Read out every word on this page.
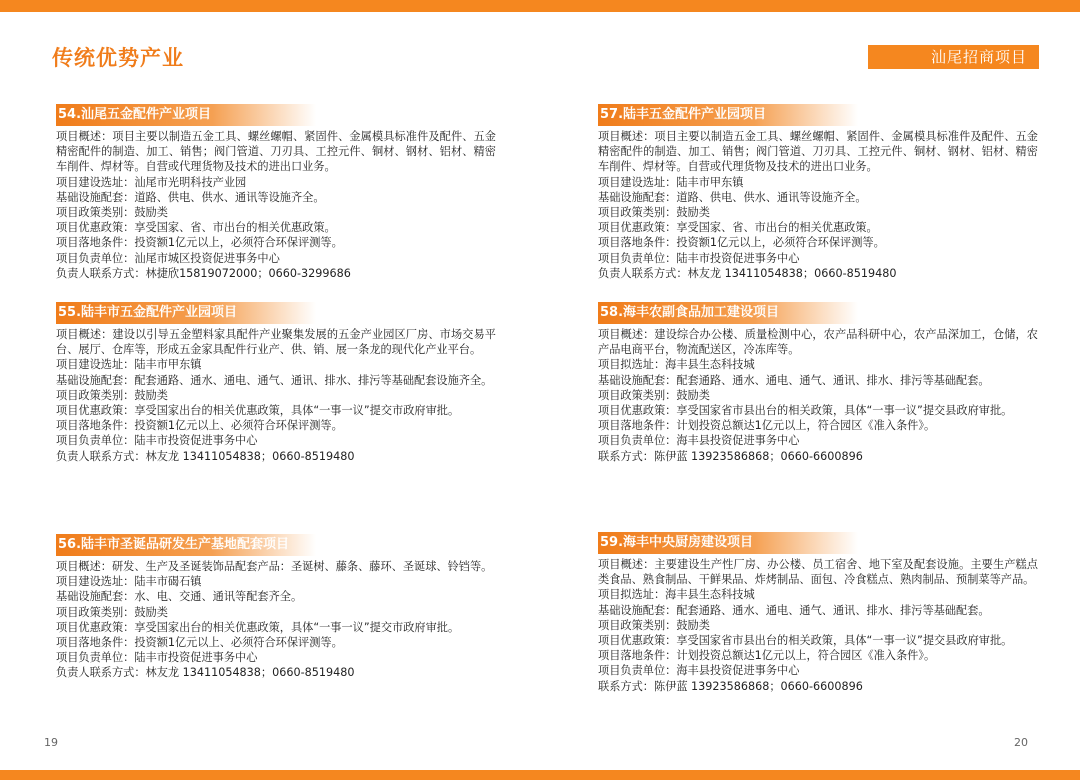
传统优势产业	汕尾招商项目
54.汕尾五金配件产业项目

项目概述：项目主要以制造五金工具、螺丝螺帽、紧固件、金属模具标准件及配件、五金精密配件的制造、加工、销售；阀门管道、刀刃具、工控元件、铜材、钢材、铝材、精密车削件、焊材等。自营或代理货物及技术的进出口业务。

项目建设选址：汕尾市光明科技产业园

基础设施配套：道路、供电、供水、通讯等设施齐全。

项目政策类别：鼓励类

项目优惠政策：享受国家、省、市出台的相关优惠政策。

项目落地条件：投资额1亿元以上，必须符合环保评测等。

项目负责单位：汕尾市城区投资促进事务中心

负责人联系方式：林捷欣15819072000；0660-3299686

55.陆丰市五金配件产业园项目

项目概述：建设以引导五金塑料家具配件产业聚集发展的五金产业园区厂房、市场交易平台、展厅、仓库等，形成五金家具配件行业产、供、销、展一条龙的现代化产业平台。

项目建设选址：陆丰市甲东镇

基础设施配套：配套通路、通水、通电、通气、通讯、排水、排污等基础配套设施齐全。

项目政策类别：鼓励类

项目优惠政策：享受国家出台的相关优惠政策，具体“一事一议”提交市政府审批。

项目落地条件：投资额1亿元以上、必须符合环保评测等。

项目负责单位：陆丰市投资促进事务中心

负责人联系方式：林友龙 13411054838；0660-8519480

56.陆丰市圣诞品研发生产基地配套项目

项目概述：研发、生产及圣诞装饰品配套产品：圣诞树、藤条、藤环、圣诞球、铃铛等。

项目建设选址：陆丰市碣石镇

基础设施配套：水、电、交通、通讯等配套齐全。

项目政策类别：鼓励类

项目优惠政策：享受国家出台的相关优惠政策，具体“一事一议”提交市政府审批。

项目落地条件：投资额1亿元以上、必须符合环保评测等。

项目负责单位：陆丰市投资促进事务中心

负责人联系方式：林友龙 13411054838；0660-8519480

57.陆丰五金配件产业园项目

项目概述：项目主要以制造五金工具、螺丝螺帽、紧固件、金属模具标准件及配件、五金精密配件的制造、加工、销售；阀门管道、刀刃具、工控元件、铜材、钢材、铝材、精密车削件、焊材等。自营或代理货物及技术的进出口业务。

项目建设选址：陆丰市甲东镇

基础设施配套：道路、供电、供水、通讯等设施齐全。

项目政策类别：鼓励类

项目优惠政策：享受国家、省、市出台的相关优惠政策。

项目落地条件：投资额1亿元以上，必须符合环保评测等。

项目负责单位：陆丰市投资促进事务中心

负责人联系方式：林友龙 13411054838；0660-8519480

58.海丰农副食品加工建设项目

项目概述：建设综合办公楼、质量检测中心，农产品科研中心，农产品深加工，仓储，农产品电商平台，物流配送区，冷冻库等。

项目拟选址：海丰县生态科技城

基础设施配套：配套通路、通水、通电、通气、通讯、排水、排污等基础配套。

项目政策类别：鼓励类

项目优惠政策：享受国家省市县出台的相关政策，具体“一事一议”提交县政府审批。

项目落地条件：计划投资总额达1亿元以上，符合园区《准入条件》。

项目负责单位：海丰县投资促进事务中心

联系方式：陈伊蓝 13923586868；0660-6600896

59.海丰中央厨房建设项目

项目概述：主要建设生产性厂房、办公楼、员工宿舍、地下室及配套设施。主要生产糕点类食品、熟食制品、干鲜果品、炸烤制品、面包、冷食糕点、熟肉制品、预制菜等产品。

项目拟选址：海丰县生态科技城

基础设施配套：配套通路、通水、通电、通气、通讯、排水、排污等基础配套。

项目政策类别：鼓励类

项目优惠政策：享受国家省市县出台的相关政策，具体“一事一议”提交县政府审批。

项目落地条件：计划投资总额达1亿元以上，符合园区《准入条件》。

项目负责单位：海丰县投资促进事务中心

联系方式：陈伊蓝 13923586868；0660-6600896

19	20
